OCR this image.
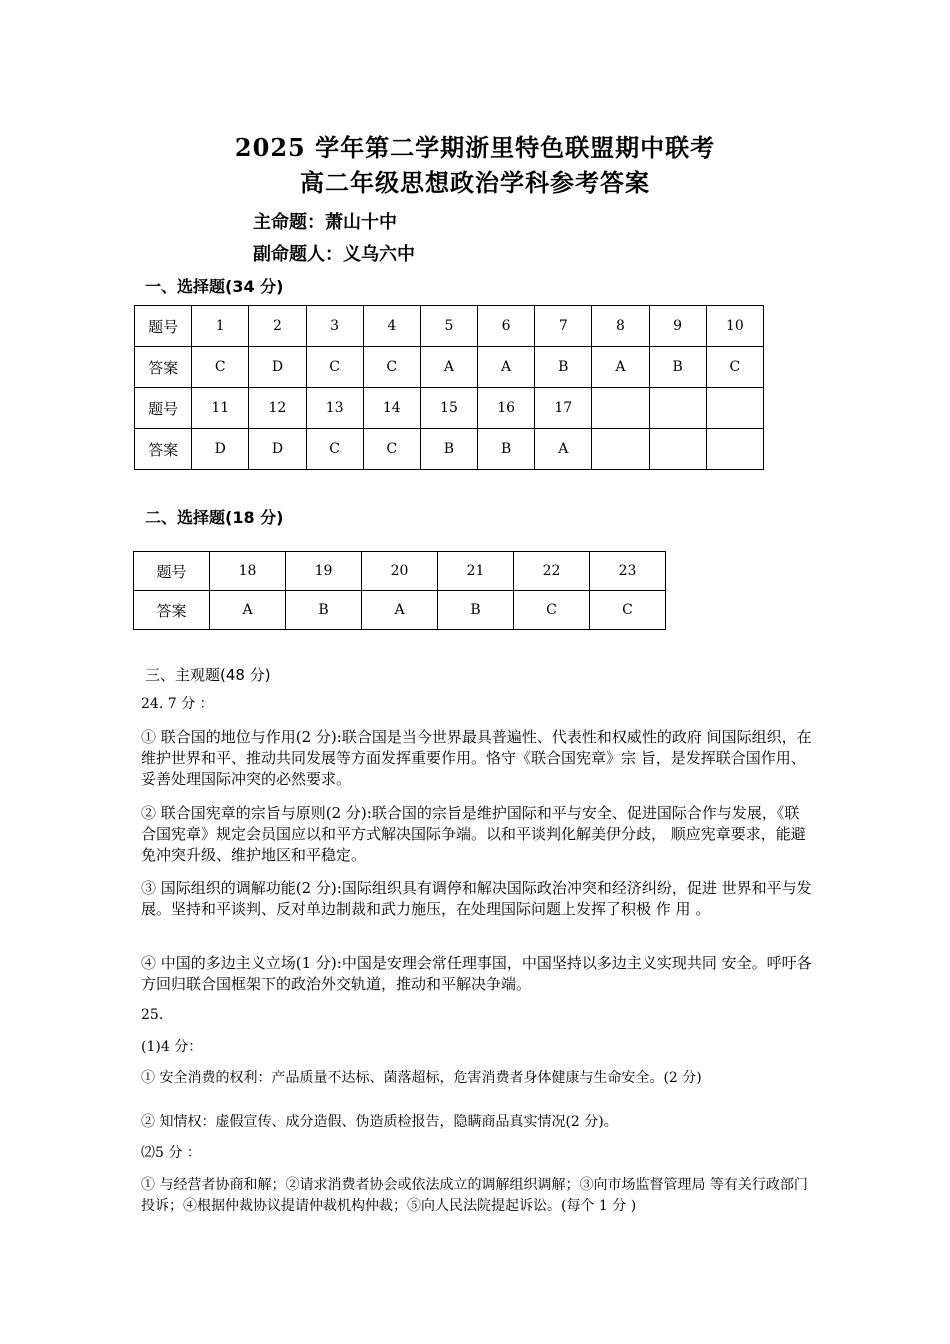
2025 学年第二学期浙里特色联盟期中联考
高二年级思想政治学科参考答案
主命题：萧山十中
副命题人：义乌六中
一、选择题(34 分)
题号	1	2	3	4	5	6	7	8	9	10
答案	C	D	C	C	A	A	B	A	B	C
题号	11	12	13	14	15	16	17			
答案	D	D	C	C	B	B	A			
二、选择题(18 分)
题号	18	19	20	21	22	23
答案	A	B	A	B	C	C
三、主观题(48 分)
24. 7 分 ：
① 联合国的地位与作用(2 分):联合国是当今世界最具普遍性、代表性和权威性的政府 间国际组织，在维护世界和平、推动共同发展等方面发挥重要作用。恪守《联合国宪章》宗 旨，是发挥联合国作用、妥善处理国际冲突的必然要求。
② 联合国宪章的宗旨与原则(2 分):联合国的宗旨是维护国际和平与安全、促进国际合作与发展，《联合国宪章》规定会员国应以和平方式解决国际争端。以和平谈判化解美伊分歧， 顺应宪章要求，能避免冲突升级、维护地区和平稳定。
③ 国际组织的调解功能(2 分):国际组织具有调停和解决国际政治冲突和经济纠纷，促进 世界和平与发展。坚持和平谈判、反对单边制裁和武力施压，在处理国际问题上发挥了积极 作 用 。
④ 中国的多边主义立场(1 分):中国是安理会常任理事国，中国坚持以多边主义实现共同 安全。呼吁各方回归联合国框架下的政治外交轨道，推动和平解决争端。
25.
(1)4 分：
① 安全消费的权利：产品质量不达标、菌落超标，危害消费者身体健康与生命安全。(2 分)
② 知情权：虚假宣传、成分造假、伪造质检报告，隐瞒商品真实情况(2 分)。
⑵5 分 ：
① 与经营者协商和解；②请求消费者协会或依法成立的调解组织调解；③向市场监督管理局 等有关行政部门投诉；④根据仲裁协议提请仲裁机构仲裁；⑤向人民法院提起诉讼。(每个 1 分 )
